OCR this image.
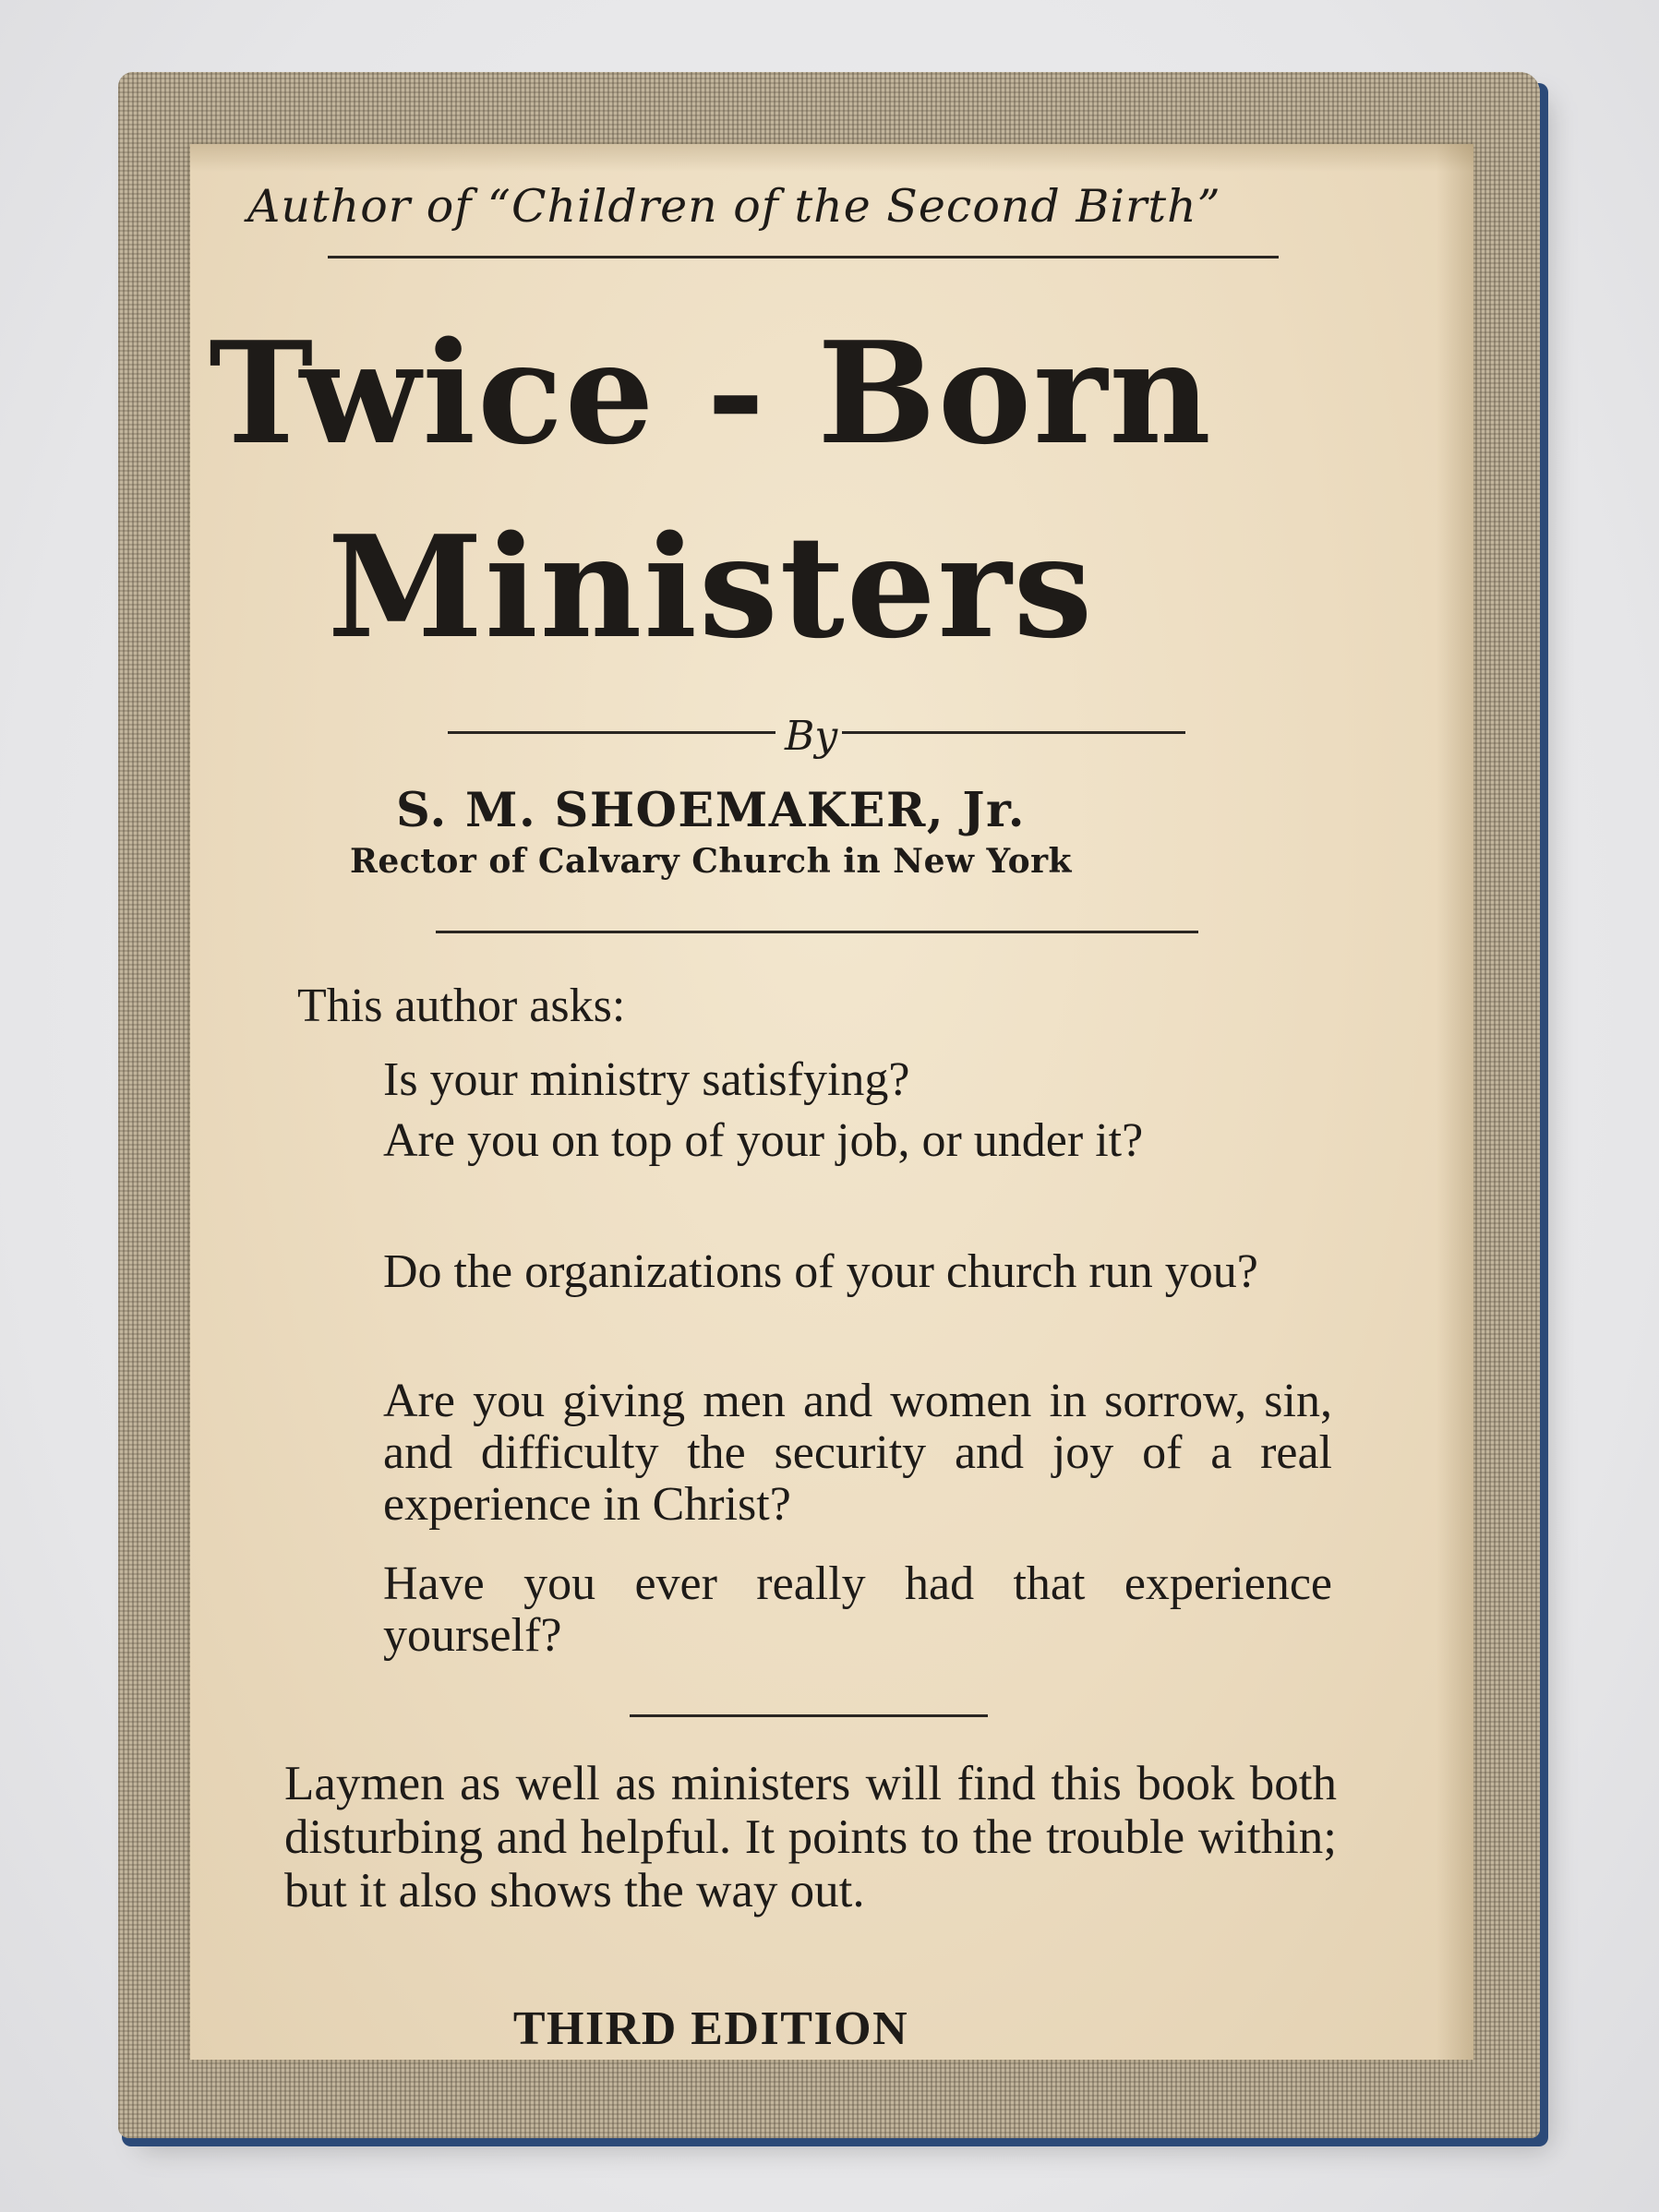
Author of “Children of the Second Birth”
Twice - Born
Ministers
By
S. M. SHOEMAKER, Jr.
Rector of Calvary Church in New York
This author asks:
Is your ministry satisfying?
Are you on top of your job, or under it?
Do the organizations of your church run you?
Are you giving men and women in sorrow, sin, and difficulty the security and joy of a real experience in Christ?
Have you ever really had that experience yourself?
Laymen as well as ministers will find this book both disturbing and helpful. It points to the trouble within; but it also shows the way out.
THIRD EDITION
